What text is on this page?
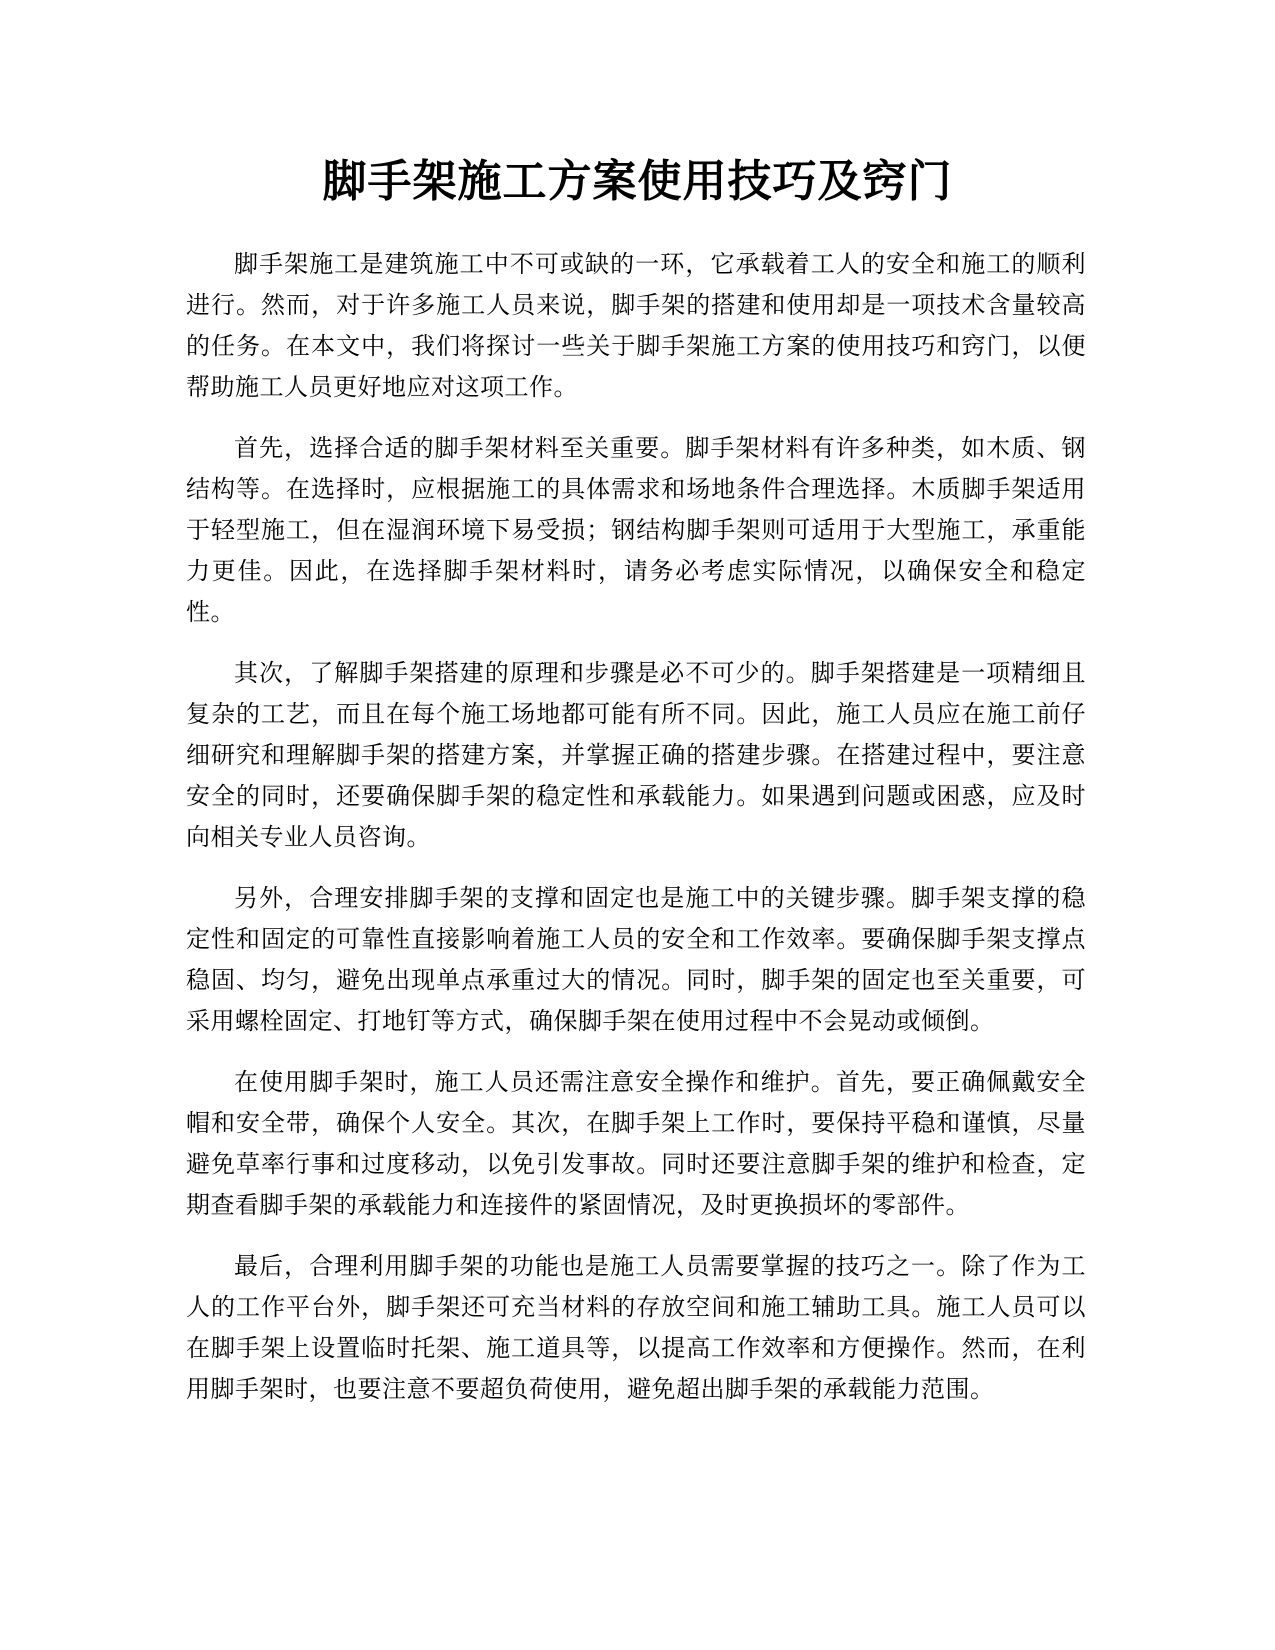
脚手架施工方案使用技巧及窍门

脚手架施工是建筑施工中不可或缺的一环，它承载着工人的安全和施工的顺利进行。然而，对于许多施工人员来说，脚手架的搭建和使用却是一项技术含量较高的任务。在本文中，我们将探讨一些关于脚手架施工方案的使用技巧和窍门，以便帮助施工人员更好地应对这项工作。

首先，选择合适的脚手架材料至关重要。脚手架材料有许多种类，如木质、钢结构等。在选择时，应根据施工的具体需求和场地条件合理选择。木质脚手架适用于轻型施工，但在湿润环境下易受损；钢结构脚手架则可适用于大型施工，承重能力更佳。因此，在选择脚手架材料时，请务必考虑实际情况，以确保安全和稳定性。

其次，了解脚手架搭建的原理和步骤是必不可少的。脚手架搭建是一项精细且复杂的工艺，而且在每个施工场地都可能有所不同。因此，施工人员应在施工前仔细研究和理解脚手架的搭建方案，并掌握正确的搭建步骤。在搭建过程中，要注意安全的同时，还要确保脚手架的稳定性和承载能力。如果遇到问题或困惑，应及时向相关专业人员咨询。

另外，合理安排脚手架的支撑和固定也是施工中的关键步骤。脚手架支撑的稳定性和固定的可靠性直接影响着施工人员的安全和工作效率。要确保脚手架支撑点稳固、均匀，避免出现单点承重过大的情况。同时，脚手架的固定也至关重要，可采用螺栓固定、打地钉等方式，确保脚手架在使用过程中不会晃动或倾倒。

在使用脚手架时，施工人员还需注意安全操作和维护。首先，要正确佩戴安全帽和安全带，确保个人安全。其次，在脚手架上工作时，要保持平稳和谨慎，尽量避免草率行事和过度移动，以免引发事故。同时还要注意脚手架的维护和检查，定期查看脚手架的承载能力和连接件的紧固情况，及时更换损坏的零部件。

最后，合理利用脚手架的功能也是施工人员需要掌握的技巧之一。除了作为工人的工作平台外，脚手架还可充当材料的存放空间和施工辅助工具。施工人员可以在脚手架上设置临时托架、施工道具等，以提高工作效率和方便操作。然而，在利用脚手架时，也要注意不要超负荷使用，避免超出脚手架的承载能力范围。
